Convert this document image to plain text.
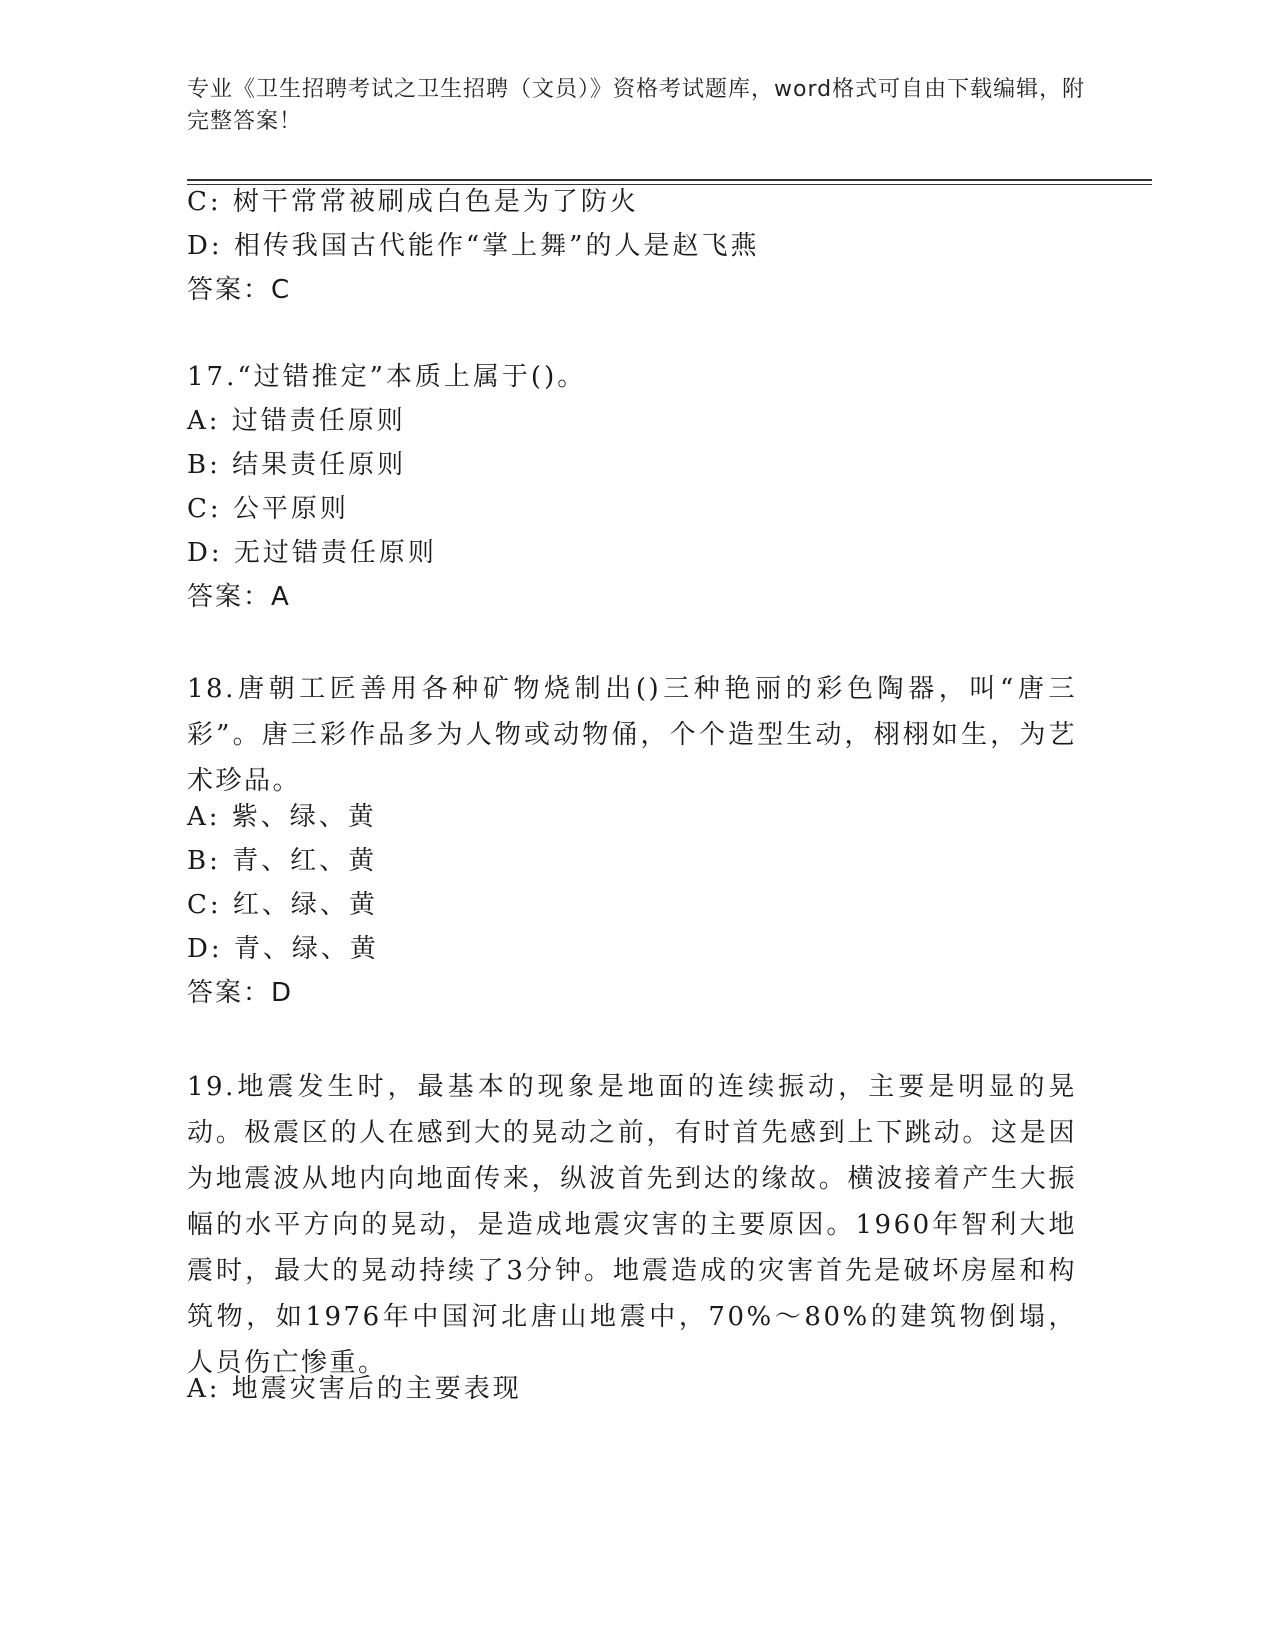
专业《卫生招聘考试之卫生招聘（文员）》资格考试题库，word格式可自由下载编辑，附完整答案！
C: 树干常常被刷成白色是为了防火
D: 相传我国古代能作“掌上舞”的人是赵飞燕
答案：C
17.“过错推定”本质上属于()。
A: 过错责任原则
B: 结果责任原则
C: 公平原则
D: 无过错责任原则
答案：A
18.唐朝工匠善用各种矿物烧制出()三种艳丽的彩色陶器，叫“唐三彩”。唐三彩作品多为人物或动物俑，个个造型生动，栩栩如生，为艺术珍品。
A: 紫、绿、黄
B: 青、红、黄
C: 红、绿、黄
D: 青、绿、黄
答案：D
19.地震发生时，最基本的现象是地面的连续振动，主要是明显的晃动。极震区的人在感到大的晃动之前，有时首先感到上下跳动。这是因为地震波从地内向地面传来，纵波首先到达的缘故。横波接着产生大振幅的水平方向的晃动，是造成地震灾害的主要原因。1960年智利大地震时，最大的晃动持续了3分钟。地震造成的灾害首先是破坏房屋和构筑物，如1976年中国河北唐山地震中，70%～80%的建筑物倒塌，人员伤亡惨重。
A: 地震灾害后的主要表现
